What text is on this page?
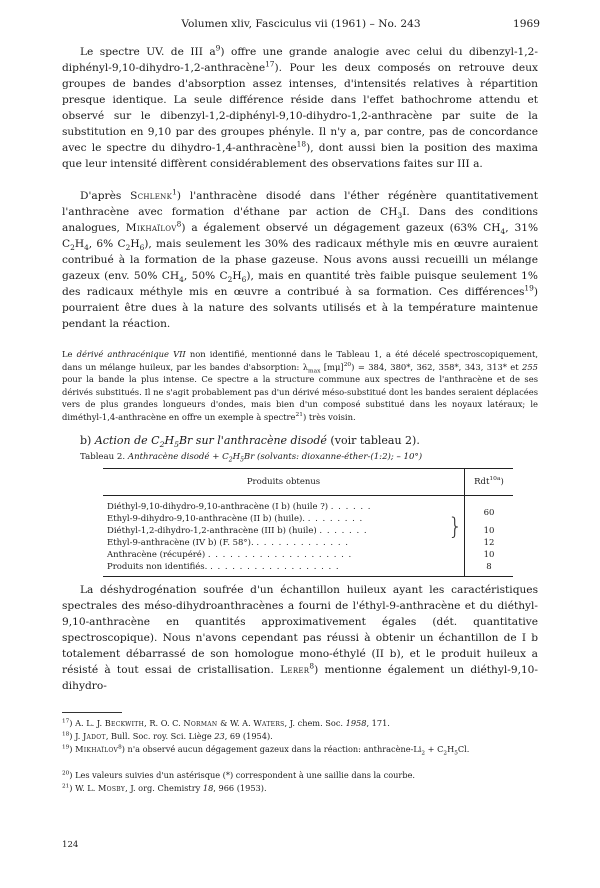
Volumen xliv, Fasciculus vii (1961) – No. 243	1969

Le spectre UV. de III $a^9$) offre une grande analogie avec celui du dibenzyl-1,2-diphényl-9,10-dihydro-1,2-anthracène$^{17}$). Pour les deux composés on retrouve deux groupes de bandes d'absorption assez intenses, d'intensités relatives à répartition presque identique. La seule différence réside dans l'effet bathochrome attendu et observé sur le dibenzyl-1,2-diphényl-9,10-dihydro-1,2-anthracène par suite de la substitution en 9,10 par des groupes phényle. Il n'y a, par contre, pas de concordance avec le spectre du dihydro-1,4-anthracène$^{18}$), dont aussi bien la position des maxima que leur intensité diffèrent considérablement des observations faites sur III a.

D'après Schlenk$^1$) l'anthracène disodé dans l'éther régénère quantitativement l'anthracène avec formation d'éthane par action de $CH_3I$. Dans des conditions analogues, Mikhaïlov$^8$) a également observé un dégagement gazeux (63% $CH_4$, 31% $C_2H_4$, 6% $C_2H_6$), mais seulement les 30% des radicaux méthyle mis en œuvre auraient contribué à la formation de la phase gazeuse. Nous avons aussi recueilli un mélange gazeux (env. 50% $CH_4$, 50% $C_2H_6$), mais en quantité très faible puisque seulement 1% des radicaux méthyle mis en œuvre a contribué à sa formation. Ces différences$^{19}$) pourraient être dues à la nature des solvants utilisés et à la température maintenue pendant la réaction.

Le dérivé anthracénique VII non identifié, mentionné dans le Tableau 1, a été décelé spectroscopiquement, dans un mélange huileux, par les bandes d'absorption: $\lambda_{max}$ $[m\mu]^{20}) = 384$, 380*, 362, 358*, 343, 313* et 255 pour la bande la plus intense. Ce spectre a la structure commune aux spectres de l'anthracène et de ses dérivés substitués. Il ne s'agit probablement pas d'un dérivé méso-substitué dont les bandes seraient déplacées vers de plus grandes longueurs d'ondes, mais bien d'un composé substitué dans les noyaux latéraux; le diméthyl-1,4-anthracène en offre un exemple à spectre$^{21}$) très voisin.

b) Action de $C_2H_5Br$ sur l'anthracène disodé (voir tableau 2).
Tableau 2. Anthracène disodé + $C_2H_5Br$ (solvants: dioxanne-éther-(1:2); – 10°)
Produits obtenus	Rdt$^{10a}$)
Diéthyl-9,10-dihydro-9,10-anthracène (I b) (huile ?) . . . . . .	
Ethyl-9-dihydro-9,10-anthracène (II b) (huile). . . . . . . . .	60
Diéthyl-1,2-dihydro-1,2-anthracène (III b) (huile) . . . . . . .	10
Ethyl-9-anthracène (IV b) (F. 58°). . . . . . . . . . . . . .	12
Anthracène (récupéré) . . . . . . . . . . . . . . . . . . . .	10
Produits non identifiés. . . . . . . . . . . . . . . . . . .	8
}

La déshydrogénation soufrée d'un échantillon huileux ayant les caractéristiques spectrales des méso-dihydroanthracènes a fourni de l'éthyl-9-anthracène et du diéthyl-9,10-anthracène en quantités approximativement égales (dét. quantitative spectroscopique). Nous n'avons cependant pas réussi à obtenir un échantillon de I b totalement débarrassé de son homologue mono-éthylé (II b), et le produit huileux a résisté à tout essai de cristallisation. Lerer$^8$) mentionne également un diéthyl-9,10-dihydro-

$^{17}$) A. L. J. Beckwith, R. O. C. Norman & W. A. Waters, J. chem. Soc. 1958, 171.

$^{18}$) J. Jadot, Bull. Soc. roy. Sci. Liège 23, 69 (1954).

$^{19}$) Mikhaïlov$^8$) n'a observé aucun dégagement gazeux dans la réaction: anthracène-$Li_2 + C_2H_5Cl$.

$^{20}$) Les valeurs suivies d'un astérisque (*) correspondent à une saillie dans la courbe.

$^{21}$) W. L. Mosby, J. org. Chemistry 18, 966 (1953).

124
